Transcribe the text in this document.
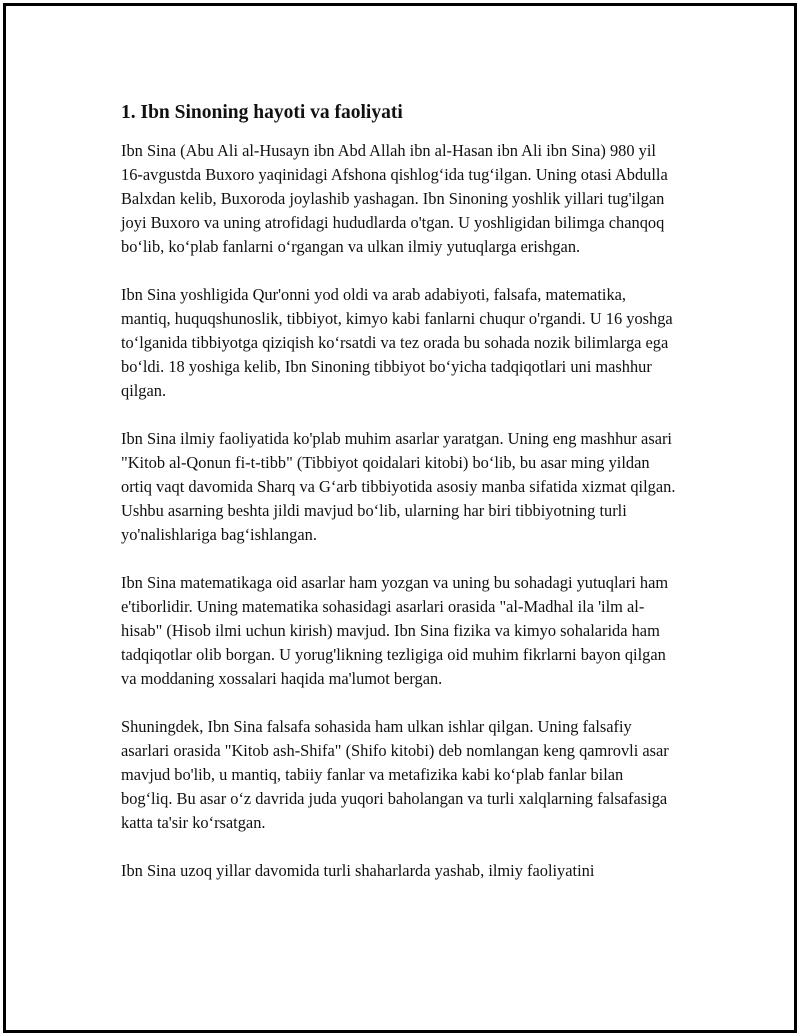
1. Ibn Sinoning hayoti va faoliyati

Ibn Sina (Abu Ali al-Husayn ibn Abd Allah ibn al-Hasan ibn Ali ibn Sina) 980 yil 16-avgustda Buxoro yaqinidagi Afshona qishlog‘ida tug‘ilgan. Uning otasi Abdulla Balxdan kelib, Buxoroda joylashib yashagan. Ibn Sinoning yoshlik yillari tug'ilgan joyi Buxoro va uning atrofidagi hududlarda o'tgan. U yoshligidan bilimga chanqoq bo‘lib, ko‘plab fanlarni o‘rgangan va ulkan ilmiy yutuqlarga erishgan.

Ibn Sina yoshligida Qur'onni yod oldi va arab adabiyoti, falsafa, matematika, mantiq, huquqshunoslik, tibbiyot, kimyo kabi fanlarni chuqur o'rgandi. U 16 yoshga to‘lganida tibbiyotga qiziqish ko‘rsatdi va tez orada bu sohada nozik bilimlarga ega bo‘ldi. 18 yoshiga kelib, Ibn Sinoning tibbiyot bo‘yicha tadqiqotlari uni mashhur qilgan.

Ibn Sina ilmiy faoliyatida ko'plab muhim asarlar yaratgan. Uning eng mashhur asari "Kitob al-Qonun fi-t-tibb" (Tibbiyot qoidalari kitobi) bo‘lib, bu asar ming yildan ortiq vaqt davomida Sharq va G‘arb tibbiyotida asosiy manba sifatida xizmat qilgan. Ushbu asarning beshta jildi mavjud bo‘lib, ularning har biri tibbiyotning turli yo'nalishlariga bag‘ishlangan.

Ibn Sina matematikaga oid asarlar ham yozgan va uning bu sohadagi yutuqlari ham e'tiborlidir. Uning matematika sohasidagi asarlari orasida "al-Madhal ila 'ilm al-hisab" (Hisob ilmi uchun kirish) mavjud. Ibn Sina fizika va kimyo sohalarida ham tadqiqotlar olib borgan. U yorug'likning tezligiga oid muhim fikrlarni bayon qilgan va moddaning xossalari haqida ma'lumot bergan.

Shuningdek, Ibn Sina falsafa sohasida ham ulkan ishlar qilgan. Uning falsafiy asarlari orasida "Kitob ash-Shifa" (Shifo kitobi) deb nomlangan keng qamrovli asar mavjud bo'lib, u mantiq, tabiiy fanlar va metafizika kabi ko‘plab fanlar bilan bog‘liq. Bu asar o‘z davrida juda yuqori baholangan va turli xalqlarning falsafasiga katta ta'sir ko‘rsatgan.

Ibn Sina uzoq yillar davomida turli shaharlarda yashab, ilmiy faoliyatini
